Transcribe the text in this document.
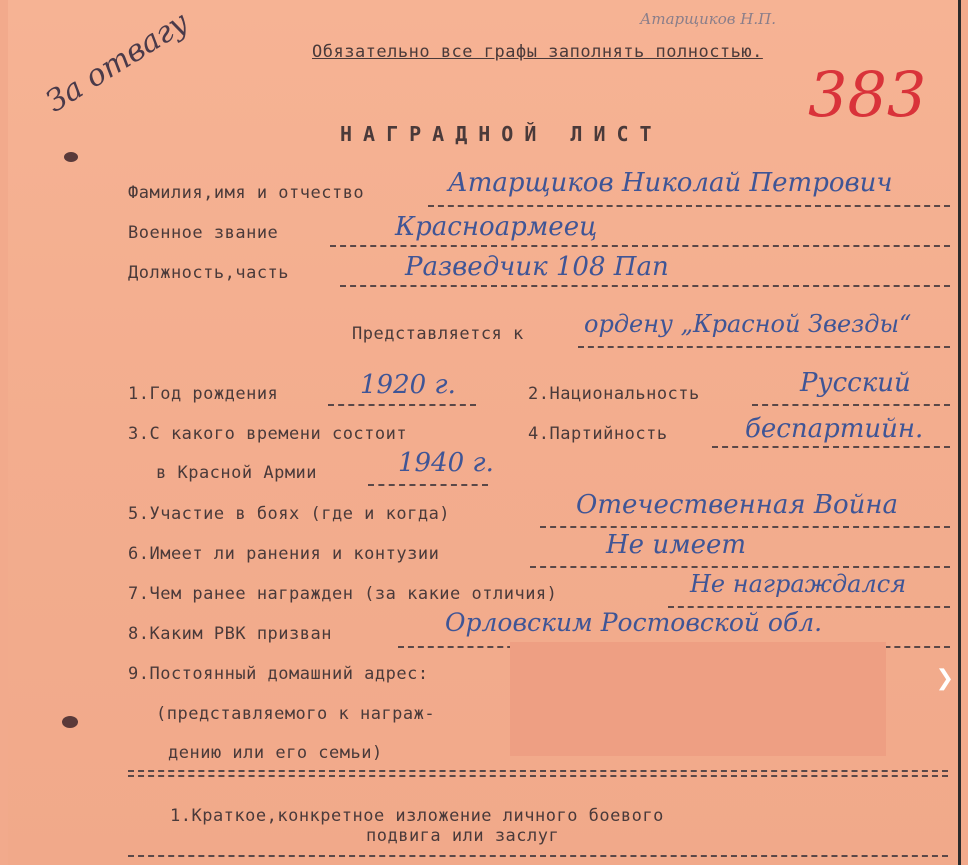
Обязательно все графы заполнять полностью.
Атарщиков Н.П.
383
За отвагу
НАГРАДНОЙ ЛИСТ
Фамилия,имя и отчество	Атарщиков Николай Петрович
Военное звание	Красноармеец
Должность,часть	Разведчик 108 Пап
Представляется к	ордену „Красной Звезды“
1.Год рождения	1920 г.	2.Национальность	Русский
3.С какого времени состоит	4.Партийность	беспартийн.
в Красной Армии	1940 г.
5.Участие в боях (где и когда)	Отечественная Война
6.Имеет ли ранения и контузии	Не имеет
7.Чем ранее награжден (за какие отличия)	Не награждался
8.Каким РВК призван	Орловским Ростовской обл.
9.Постоянный домашний адрес:
(представляемого к награж-
дению или его семьи)
1.Краткое,конкретное изложение личного боевого
подвига или заслуг
❯
